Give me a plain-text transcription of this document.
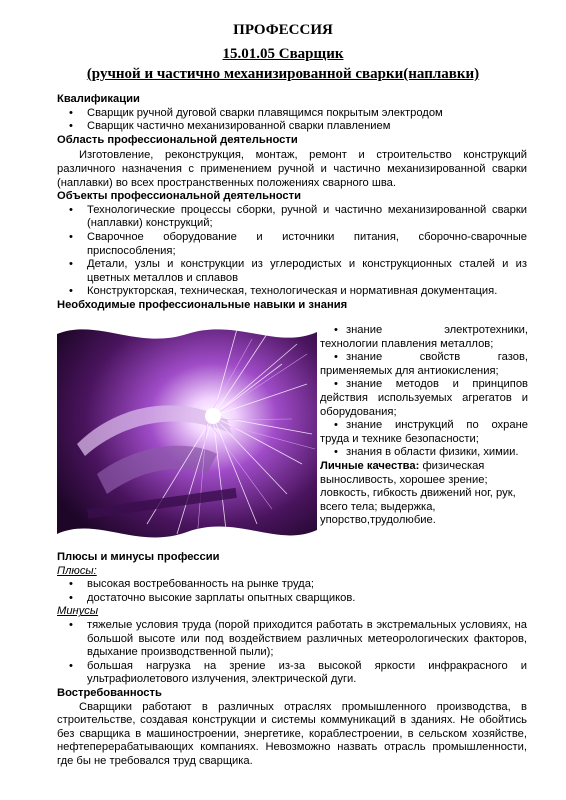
ПРОФЕССИЯ
15.01.05 Сварщик
(ручной и частично механизированной сварки(наплавки)
Квалификации
• Сварщик ручной дуговой сварки плавящимся покрытым электродом
• Сварщик частично механизированной сварки плавлением
Область профессиональной деятельности
Изготовление, реконструкция, монтаж, ремонт и строительство конструкций различного назначения с применением ручной и частично механизированной сварки (наплавки) во всех пространственных положениях сварного шва.
Объекты профессиональной деятельности
• Технологические процессы сборки, ручной и частично механизированной сварки (наплавки) конструкций;
• Сварочное оборудование и источники питания, сборочно-сварочные приспособления;
• Детали, узлы и конструкции из углеродистых и конструкционных сталей и из цветных металлов и сплавов
• Конструкторская, техническая, технологическая и нормативная документация.
Необходимые профессиональные навыки и знания
• знание электротехники, технологии плавления металлов;
• знание свойств газов, применяемых для антиокисления;
• знание методов и принципов действия используемых агрегатов и оборудования;
• знание инструкций по охране труда и технике безопасности;
• знания в области физики, химии.
Личные качества: физическая выносливость, хорошее зрение; ловкость, гибкость движений ног, рук, всего тела; выдержка, упорство,трудолюбие.
Плюсы и минусы профессии
Плюсы:
• высокая востребованность на рынке труда;
• достаточно высокие зарплаты опытных сварщиков.
Минусы
• тяжелые условия труда (порой приходится работать в экстремальных условиях, на большой высоте или под воздействием различных метеорологических факторов, вдыхание производственной пыли);
• большая нагрузка на зрение из-за высокой яркости инфракрасного и ультрафиолетового излучения, электрической дуги.
Востребованность
Сварщики работают в различных отраслях промышленного производства, в строительстве, создавая конструкции и системы коммуникаций в зданиях. Не обойтись без сварщика в машиностроении, энергетике, кораблестроении, в сельском хозяйстве, нефтеперерабатывающих компаниях. Невозможно назвать отрасль промышленности, где бы не требовался труд сварщика.
